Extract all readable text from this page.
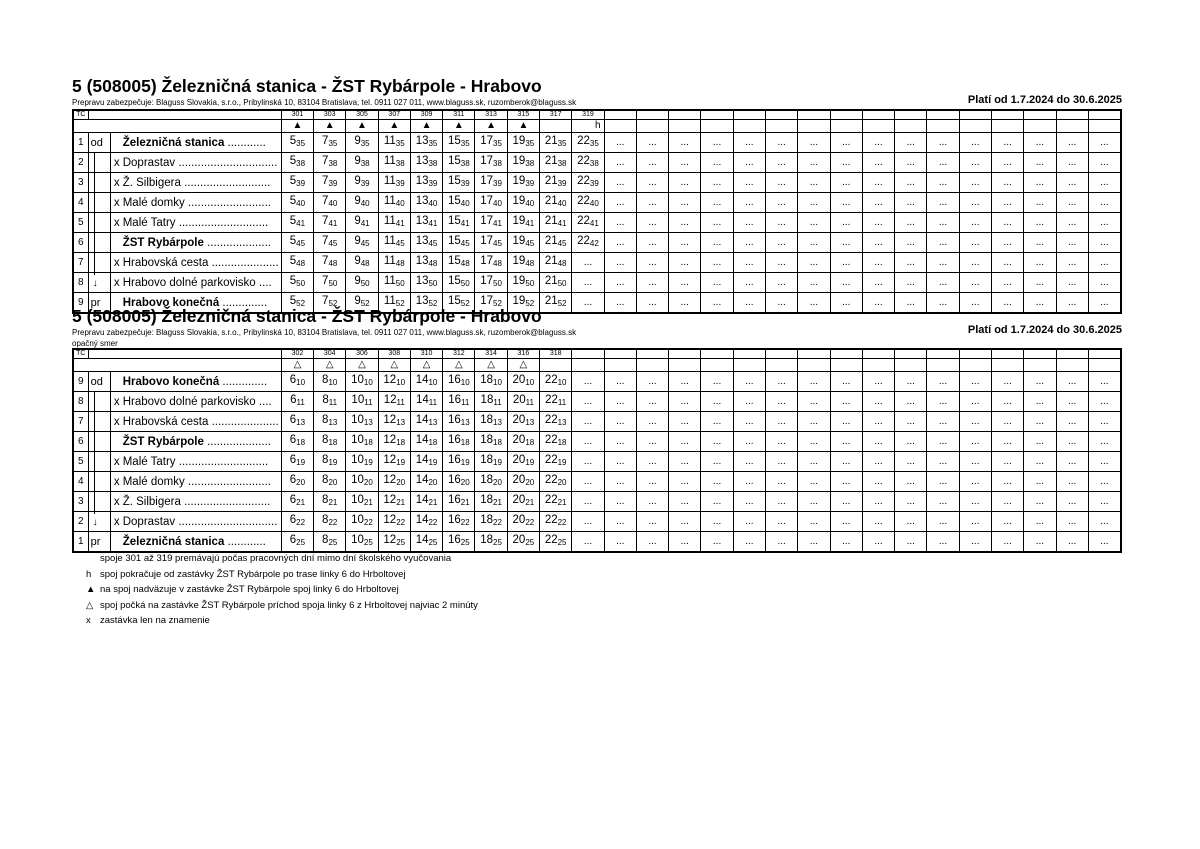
5 (508005) Železničná stanica - ŽST Rybárpole - Hrabovo
Prepravu zabezpečuje: Blaguss Slovakia, s.r.o., Pribylinská 10, 83104 Bratislava, tel. 0911 027 011, www.blaguss.sk, ruzomberok@blaguss.sk	Platí od 1.7.2024 do 30.6.2025
TČ			301	303	305	307	309	311	313	315	317	319																
			▲	▲	▲	▲	▲	▲	▲	▲		h																
1	od	Železničná stanica ............	$5_{35}$	$7_{35}$	$9_{35}$	$11_{35}$	$13_{35}$	$15_{35}$	$17_{35}$	$19_{35}$	$21_{35}$	$22_{35}$	...	...	...	...	...	...	...	...	...	...	...	...	...	...	...	...
2		x Doprastav ...............................	$5_{38}$	$7_{38}$	$9_{38}$	$11_{38}$	$13_{38}$	$15_{38}$	$17_{38}$	$19_{38}$	$21_{38}$	$22_{38}$	...	...	...	...	...	...	...	...	...	...	...	...	...	...	...	...
3		x Ž. Silbigera ...........................	$5_{39}$	$7_{39}$	$9_{39}$	$11_{39}$	$13_{39}$	$15_{39}$	$17_{39}$	$19_{39}$	$21_{39}$	$22_{39}$	...	...	...	...	...	...	...	...	...	...	...	...	...	...	...	...
4		x Malé domky ..........................	$5_{40}$	$7_{40}$	$9_{40}$	$11_{40}$	$13_{40}$	$15_{40}$	$17_{40}$	$19_{40}$	$21_{40}$	$22_{40}$	...	...	...	...	...	...	...	...	...	...	...	...	...	...	...	...
5		x Malé Tatry ............................	$5_{41}$	$7_{41}$	$9_{41}$	$11_{41}$	$13_{41}$	$15_{41}$	$17_{41}$	$19_{41}$	$21_{41}$	$22_{41}$	...	...	...	...	...	...	...	...	...	...	...	...	...	...	...	...
6		ŽST Rybárpole ....................	$5_{45}$	$7_{45}$	$9_{45}$	$11_{45}$	$13_{45}$	$15_{45}$	$17_{45}$	$19_{45}$	$21_{45}$	$22_{42}$	...	...	...	...	...	...	...	...	...	...	...	...	...	...	...	...
7		x Hrabovská cesta .....................	$5_{48}$	$7_{48}$	$9_{48}$	$11_{48}$	$13_{48}$	$15_{48}$	$17_{48}$	$19_{48}$	$21_{48}$	...	...	...	...	...	...	...	...	...	...	...	...	...	...	...	...	...
8	↓	x Hrabovo dolné parkovisko ....	$5_{50}$	$7_{50}$	$9_{50}$	$11_{50}$	$13_{50}$	$15_{50}$	$17_{50}$	$19_{50}$	$21_{50}$	...	...	...	...	...	...	...	...	...	...	...	...	...	...	...	...	...
9	pr	Hrabovo konečná ..............	$5_{52}$	$7_{52}$	$9_{52}$	$11_{52}$	$13_{52}$	$15_{52}$	$17_{52}$	$19_{52}$	$21_{52}$	...	...	...	...	...	...	...	...	...	...	...	...	...	...	...	...	...
5 (508005) Železničná stanica - ŽST Rybárpole - Hrabovo
Prepravu zabezpečuje: Blaguss Slovakia, s.r.o., Pribylinská 10, 83104 Bratislava, tel. 0911 027 011, www.blaguss.sk, ruzomberok@blaguss.sk	Platí od 1.7.2024 do 30.6.2025
opačný smer
TČ			302	304	306	308	310	312	314	316	318																	
			△	△	△	△	△	△	△	△																		
9	od	Hrabovo konečná ..............	$6_{10}$	$8_{10}$	$10_{10}$	$12_{10}$	$14_{10}$	$16_{10}$	$18_{10}$	$20_{10}$	$22_{10}$	...	...	...	...	...	...	...	...	...	...	...	...	...	...	...	...	...
8		x Hrabovo dolné parkovisko ....	$6_{11}$	$8_{11}$	$10_{11}$	$12_{11}$	$14_{11}$	$16_{11}$	$18_{11}$	$20_{11}$	$22_{11}$	...	...	...	...	...	...	...	...	...	...	...	...	...	...	...	...	...
7		x Hrabovská cesta .....................	$6_{13}$	$8_{13}$	$10_{13}$	$12_{13}$	$14_{13}$	$16_{13}$	$18_{13}$	$20_{13}$	$22_{13}$	...	...	...	...	...	...	...	...	...	...	...	...	...	...	...	...	...
6		ŽST Rybárpole ....................	$6_{18}$	$8_{18}$	$10_{18}$	$12_{18}$	$14_{18}$	$16_{18}$	$18_{18}$	$20_{18}$	$22_{18}$	...	...	...	...	...	...	...	...	...	...	...	...	...	...	...	...	...
5		x Malé Tatry ............................	$6_{19}$	$8_{19}$	$10_{19}$	$12_{19}$	$14_{19}$	$16_{19}$	$18_{19}$	$20_{19}$	$22_{19}$	...	...	...	...	...	...	...	...	...	...	...	...	...	...	...	...	...
4		x Malé domky ..........................	$6_{20}$	$8_{20}$	$10_{20}$	$12_{20}$	$14_{20}$	$16_{20}$	$18_{20}$	$20_{20}$	$22_{20}$	...	...	...	...	...	...	...	...	...	...	...	...	...	...	...	...	...
3		x Ž. Silbigera ...........................	$6_{21}$	$8_{21}$	$10_{21}$	$12_{21}$	$14_{21}$	$16_{21}$	$18_{21}$	$20_{21}$	$22_{21}$	...	...	...	...	...	...	...	...	...	...	...	...	...	...	...	...	...
2	↓	x Doprastav ...............................	$6_{22}$	$8_{22}$	$10_{22}$	$12_{22}$	$14_{22}$	$16_{22}$	$18_{22}$	$20_{22}$	$22_{22}$	...	...	...	...	...	...	...	...	...	...	...	...	...	...	...	...	...
1	pr	Železničná stanica ............	$6_{25}$	$8_{25}$	$10_{25}$	$12_{25}$	$14_{25}$	$16_{25}$	$18_{25}$	$20_{25}$	$22_{25}$	...	...	...	...	...	...	...	...	...	...	...	...	...	...	...	...	...
spoje 301 až 319 premávajú počas pracovných dní mimo dní školského vyučovania
h spoj pokračuje od zastávky ŽST Rybárpole po trase linky 6 do Hrboltovej
▲ na spoj nadväzuje v zastávke ŽST Rybárpole spoj linky 6 do Hrboltovej
△ spoj počká na zastávke ŽST Rybárpole príchod spoja linky 6 z Hrboltovej najviac 2 minúty
x zastávka len na znamenie
